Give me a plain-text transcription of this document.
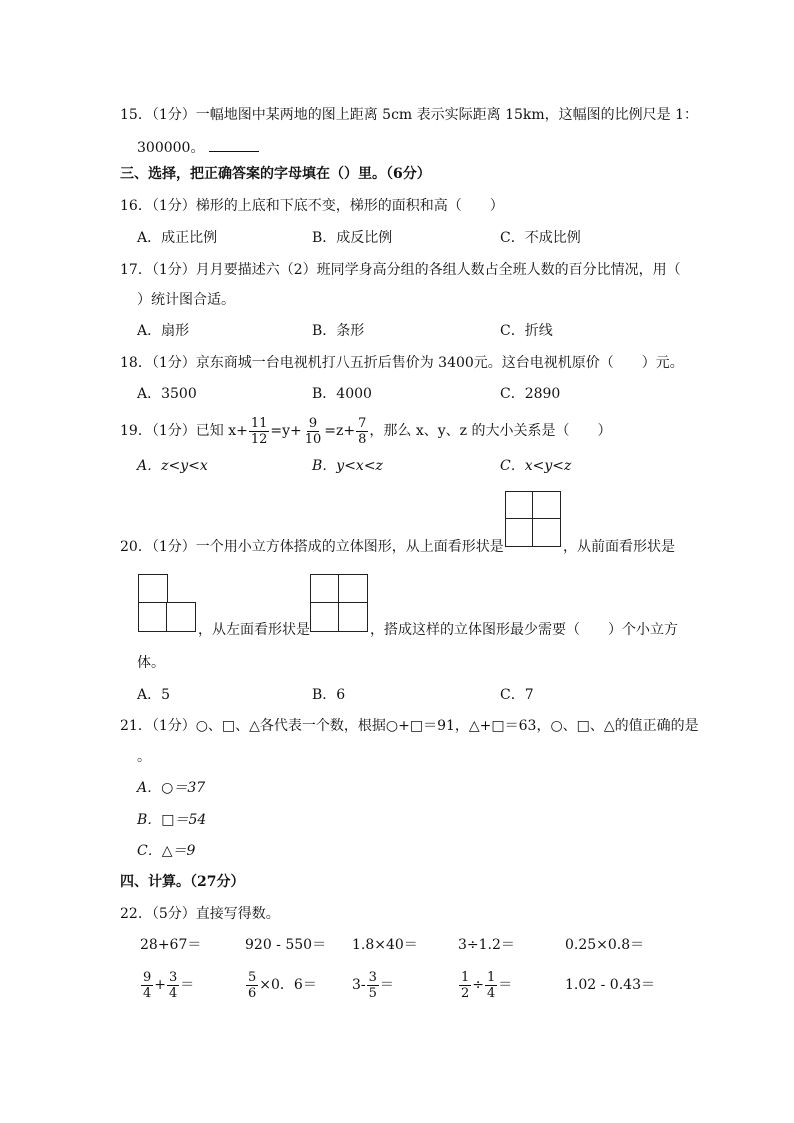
15．（1分）一幅地图中某两地的图上距离 5cm 表示实际距离 15km，这幅图的比例尺是 1：
300000。
三、选择，把正确答案的字母填在（）里。（6分）
16．（1分）梯形的上底和下底不变，梯形的面积和高（　　）
A．成正比例	B．成反比例	C．不成比例
17．（1分）月月要描述六（2）班同学身高分组的各组人数占全班人数的百分比情况，用（
）统计图合适。
A．扇形	B．条形	C．折线
18．（1分）京东商城一台电视机打八五折后售价为 3400元。这台电视机原价（　　）元。
A．3500	B．4000	C．2890
19．（1分）已知 $x+ \frac{11}{12} =y+ \frac{9}{10} =z+ \frac{7}{8}$ ，那么 x、y、z 的大小关系是（　　）
A．z<y<x	B．y<x<z	C．x<y<z
20．（1分）一个用小立方体搭成的立体图形，从上面看形状是	，从前面看形状是
，从左面看形状是	，搭成这样的立体图形最少需要（　　）个小立方
体。
A．5	B．6	C．7
21．（1分）○、□、△各代表一个数，根据○+□＝91，△+□＝63，○、□、△的值正确的是
。
A．○＝37
B．□＝54
C．△＝9
四、计算。（27分）
22．（5分）直接写得数。
28+67＝	920 - 550＝ 1.8×40＝	3÷1.2＝	0.25×0.8＝
$\frac{9}{4} + \frac{3}{4}$ ＝	$\frac{5}{6} \times 0$．6＝	$3- \frac{3}{5}$ ＝	$\frac{1}{2} \div \frac{1}{4}$ ＝	1.02 - 0.43＝
